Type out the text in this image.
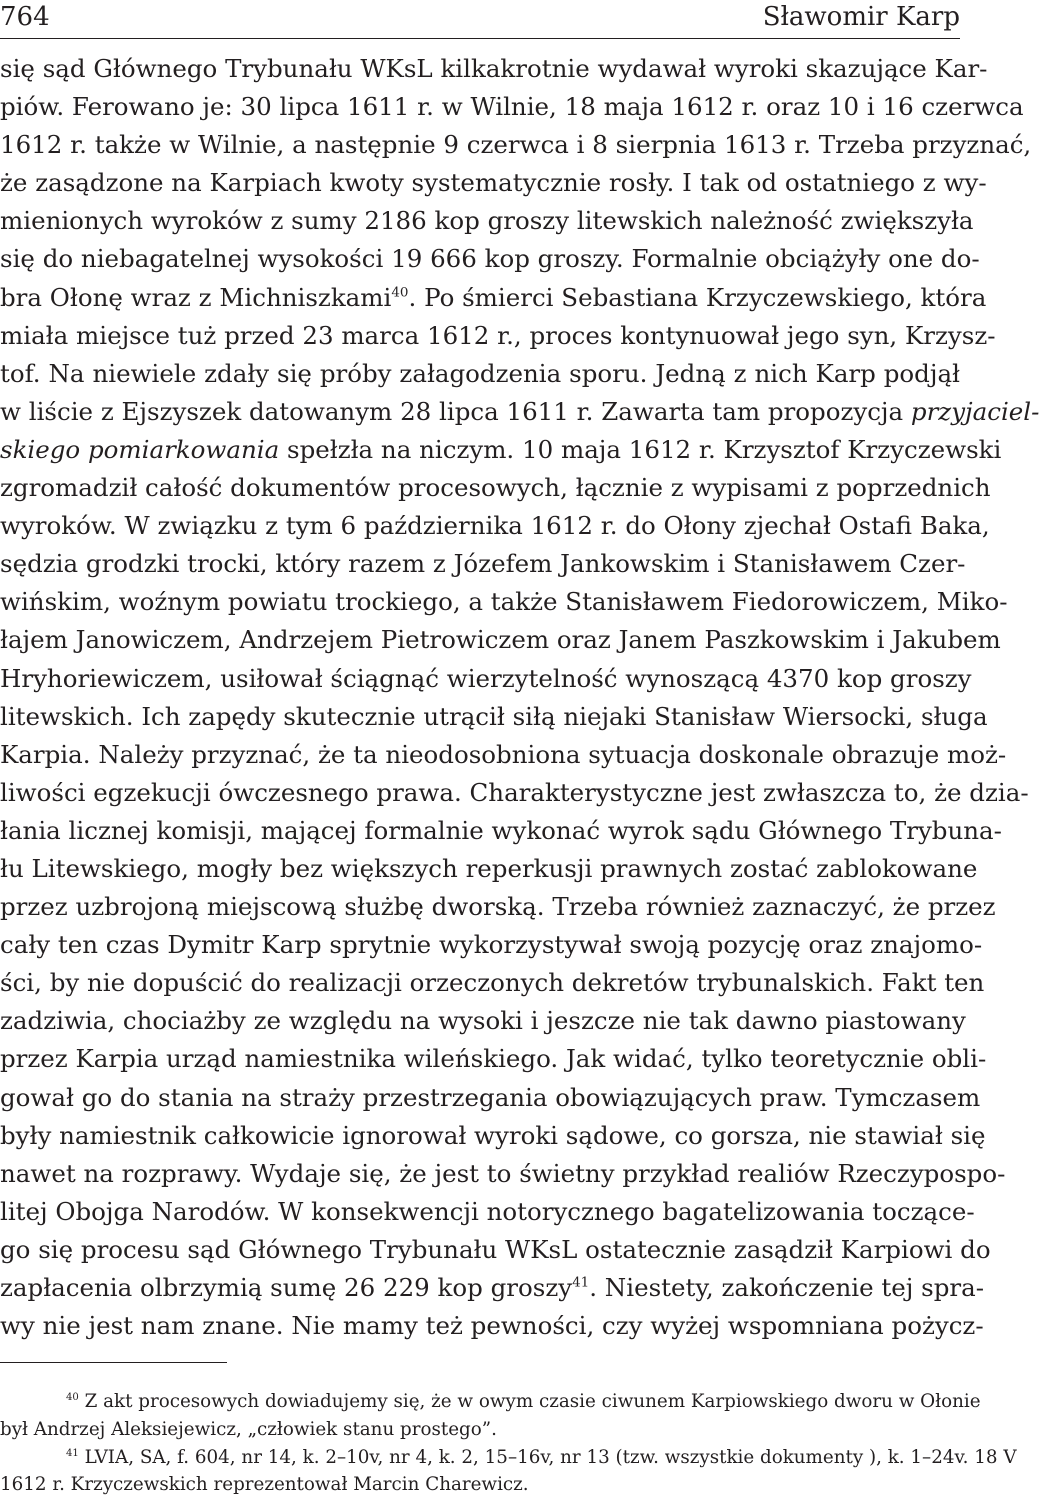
764	Sławomir Karp
się sąd Głównego Trybunału WKsL kilkakrotnie wydawał wyroki skazujące Kar-
piów. Ferowano je: 30 lipca 1611 r. w Wilnie, 18 maja 1612 r. oraz 10 i 16 czerwca
1612 r. także w Wilnie, a następnie 9 czerwca i 8 sierpnia 1613 r. Trzeba przyznać,
że zasądzone na Karpiach kwoty systematycznie rosły. I tak od ostatniego z wy-
mienionych wyroków z sumy 2186 kop groszy litewskich należność zwiększyła
się do niebagatelnej wysokości 19 666 kop groszy. Formalnie obciążyły one do-
bra Ołonę wraz z Michniszkami$^{40}$. Po śmierci Sebastiana Krzyczewskiego, która
miała miejsce tuż przed 23 marca 1612 r., proces kontynuował jego syn, Krzysz-
tof. Na niewiele zdały się próby załagodzenia sporu. Jedną z nich Karp podjął
w liście z Ejszyszek datowanym 28 lipca 1611 r. Zawarta tam propozycja przyjaciel-
skiego pomiarkowania spełzła na niczym. 10 maja 1612 r. Krzysztof Krzyczewski
zgromadził całość dokumentów procesowych, łącznie z wypisami z poprzednich
wyroków. W związku z tym 6 października 1612 r. do Ołony zjechał Ostafi Baka,
sędzia grodzki trocki, który razem z Józefem Jankowskim i Stanisławem Czer-
wińskim, woźnym powiatu trockiego, a także Stanisławem Fiedorowiczem, Miko-
łajem Janowiczem, Andrzejem Pietrowiczem oraz Janem Paszkowskim i Jakubem
Hryhoriewiczem, usiłował ściągnąć wierzytelność wynoszącą 4370 kop groszy
litewskich. Ich zapędy skutecznie utrącił siłą niejaki Stanisław Wiersocki, sługa
Karpia. Należy przyznać, że ta nieodosobniona sytuacja doskonale obrazuje moż-
liwości egzekucji ówczesnego prawa. Charakterystyczne jest zwłaszcza to, że dzia-
łania licznej komisji, mającej formalnie wykonać wyrok sądu Głównego Trybuna-
łu Litewskiego, mogły bez większych reperkusji prawnych zostać zablokowane
przez uzbrojoną miejscową służbę dworską. Trzeba również zaznaczyć, że przez
cały ten czas Dymitr Karp sprytnie wykorzystywał swoją pozycję oraz znajomo-
ści, by nie dopuścić do realizacji orzeczonych dekretów trybunalskich. Fakt ten
zadziwia, chociażby ze względu na wysoki i jeszcze nie tak dawno piastowany
przez Karpia urząd namiestnika wileńskiego. Jak widać, tylko teoretycznie obli-
gował go do stania na straży przestrzegania obowiązujących praw. Tymczasem
były namiestnik całkowicie ignorował wyroki sądowe, co gorsza, nie stawiał się
nawet na rozprawy. Wydaje się, że jest to świetny przykład realiów Rzeczypospo-
litej Obojga Narodów. W konsekwencji notorycznego bagatelizowania toczące-
go się procesu sąd Głównego Trybunału WKsL ostatecznie zasądził Karpiowi do
zapłacenia olbrzymią sumę 26 229 kop groszy$^{41}$. Niestety, zakończenie tej spra-
wy nie jest nam znane. Nie mamy też pewności, czy wyżej wspomniana pożycz-
$^{40}$ Z akt procesowych dowiadujemy się, że w owym czasie ciwunem Karpiowskiego dworu w Ołonie
był Andrzej Aleksiejewicz, „człowiek stanu prostego”.
$^{41}$ LVIA, SA, f. 604, nr 14, k. 2–10v, nr 4, k. 2, 15–16v, nr 13 (tzw. wszystkie dokumenty ), k. 1–24v. 18 V
1612 r. Krzyczewskich reprezentował Marcin Charewicz.
